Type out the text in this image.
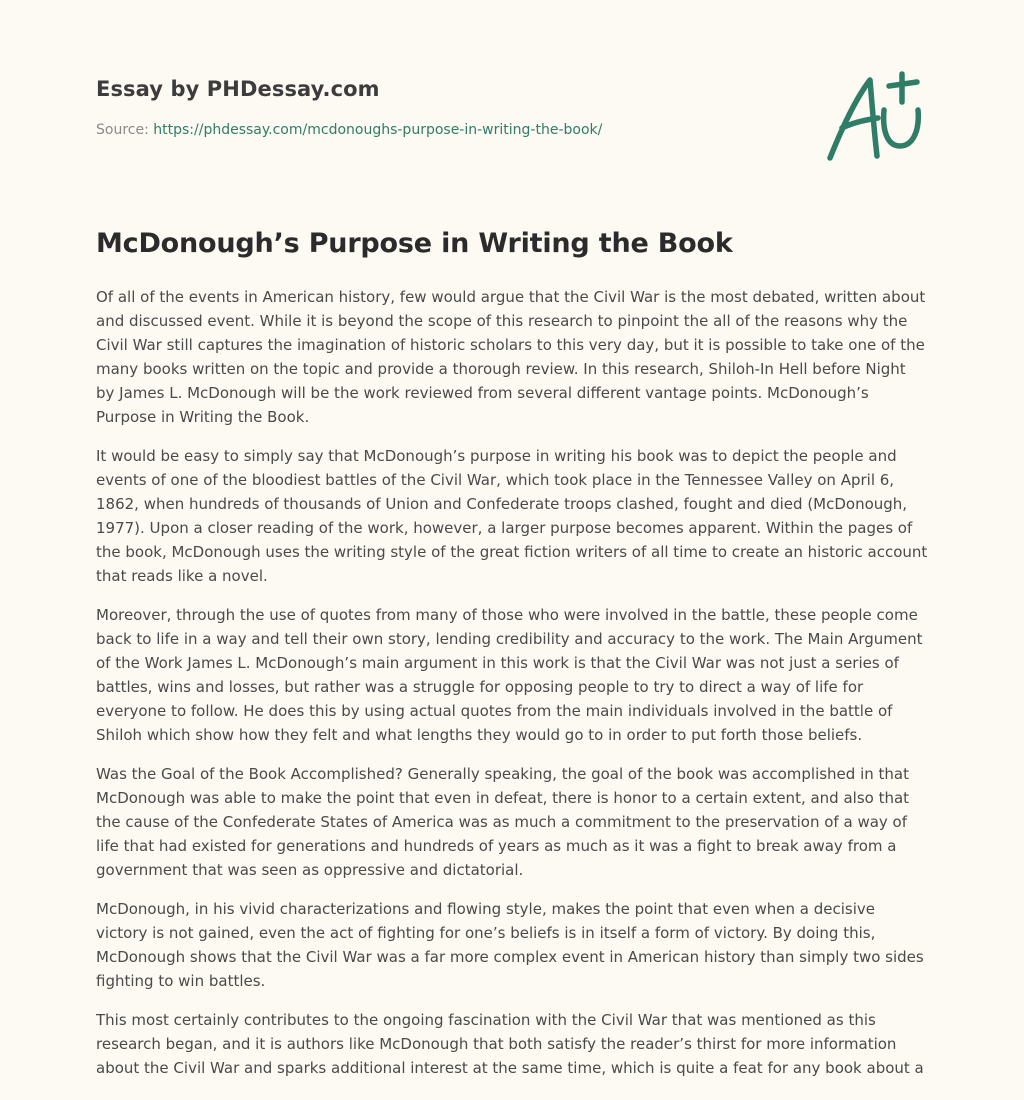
Essay by PHDessay.com
Source: https://phdessay.com/mcdonoughs-purpose-in-writing-the-book/
McDonough’s Purpose in Writing the Book

Of all of the events in American history, few would argue that the Civil War is the most debated, written about and discussed event. While it is beyond the scope of this research to pinpoint the all of the reasons why the Civil War still captures the imagination of historic scholars to this very day, but it is possible to take one of the many books written on the topic and provide a thorough review. In this research, Shiloh-In Hell before Night by James L. McDonough will be the work reviewed from several different vantage points. McDonough’s Purpose in Writing the Book.

It would be easy to simply say that McDonough’s purpose in writing his book was to depict the people and events of one of the bloodiest battles of the Civil War, which took place in the Tennessee Valley on April 6, 1862, when hundreds of thousands of Union and Confederate troops clashed, fought and died (McDonough, 1977). Upon a closer reading of the work, however, a larger purpose becomes apparent. Within the pages of the book, McDonough uses the writing style of the great fiction writers of all time to create an historic account that reads like a novel.

Moreover, through the use of quotes from many of those who were involved in the battle, these people come back to life in a way and tell their own story, lending credibility and accuracy to the work. The Main Argument of the Work James L. McDonough’s main argument in this work is that the Civil War was not just a series of battles, wins and losses, but rather was a struggle for opposing people to try to direct a way of life for everyone to follow. He does this by using actual quotes from the main individuals involved in the battle of Shiloh which show how they felt and what lengths they would go to in order to put forth those beliefs.

Was the Goal of the Book Accomplished? Generally speaking, the goal of the book was accomplished in that McDonough was able to make the point that even in defeat, there is honor to a certain extent, and also that the cause of the Confederate States of America was as much a commitment to the preservation of a way of life that had existed for generations and hundreds of years as much as it was a fight to break away from a government that was seen as oppressive and dictatorial.

McDonough, in his vivid characterizations and flowing style, makes the point that even when a decisive victory is not gained, even the act of fighting for one’s beliefs is in itself a form of victory. By doing this, McDonough shows that the Civil War was a far more complex event in American history than simply two sides fighting to win battles.

This most certainly contributes to the ongoing fascination with the Civil War that was mentioned as this research began, and it is authors like McDonough that both satisfy the reader’s thirst for more information about the Civil War and sparks additional interest at the same time, which is quite a feat for any book about a
